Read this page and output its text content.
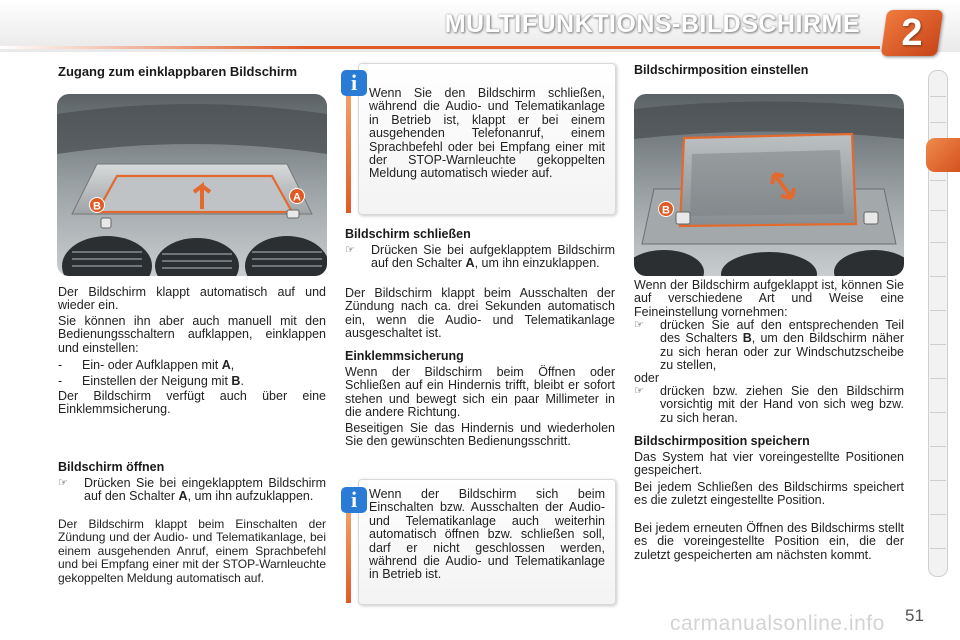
MULTIFUNKTIONS-BILDSCHIRME	2
Zugang zum einklappbaren Bildschirm
B
A
Der Bildschirm klappt automatisch auf und wieder ein.
Sie können ihn aber auch manuell mit den Bedienungsschaltern aufklappen, einklappen und einstellen:
- Ein- oder Aufklappen mit A,
- Einstellen der Neigung mit B.
Der Bildschirm verfügt auch über eine Einklemmsicherung.
Bildschirm öffnen
☞ Drücken Sie bei eingeklapptem Bildschirm auf den Schalter A, um ihn aufzuklappen.
Der Bildschirm klappt beim Einschalten der Zündung und der Audio- und Telematikanlage, bei einem ausgehenden Anruf, einem Sprachbefehl und bei Empfang einer mit der STOP-Warnleuchte gekoppelten Meldung automatisch auf.
i Wenn Sie den Bildschirm schließen, während die Audio- und Telematikanlage in Betrieb ist, klappt er bei einem ausgehenden Telefonanruf, einem Sprachbefehl oder bei Empfang einer mit der STOP-Warnleuchte gekoppelten Meldung automatisch wieder auf.
Bildschirm schließen
☞ Drücken Sie bei aufgeklapptem Bildschirm auf den Schalter A, um ihn einzuklappen.
Der Bildschirm klappt beim Ausschalten der Zündung nach ca. drei Sekunden automatisch ein, wenn die Audio- und Telematikanlage ausgeschaltet ist.
Einklemmsicherung
Wenn der Bildschirm beim Öffnen oder Schließen auf ein Hindernis trifft, bleibt er sofort stehen und bewegt sich ein paar Millimeter in die andere Richtung.
Beseitigen Sie das Hindernis und wiederholen Sie den gewünschten Bedienungsschritt.
i Wenn der Bildschirm sich beim Einschalten bzw. Ausschalten der Audio- und Telematikanlage auch weiterhin automatisch öffnen bzw. schließen soll, darf er nicht geschlossen werden, während die Audio- und Telematikanlage in Betrieb ist.
Bildschirmposition einstellen
B
Wenn der Bildschirm aufgeklappt ist, können Sie auf verschiedene Art und Weise eine Feineinstellung vornehmen:
☞ drücken Sie auf den entsprechenden Teil des Schalters B, um den Bildschirm näher zu sich heran oder zur Windschutzscheibe zu stellen,
oder
☞ drücken bzw. ziehen Sie den Bildschirm vorsichtig mit der Hand von sich weg bzw. zu sich heran.
Bildschirmposition speichern
Das System hat vier voreingestellte Positionen gespeichert.
Bei jedem Schließen des Bildschirms speichert es die zuletzt eingestellte Position.
Bei jedem erneuten Öffnen des Bildschirms stellt es die voreingestellte Position ein, die der zuletzt gespeicherten am nächsten kommt.
carmanualsonline.info 51
